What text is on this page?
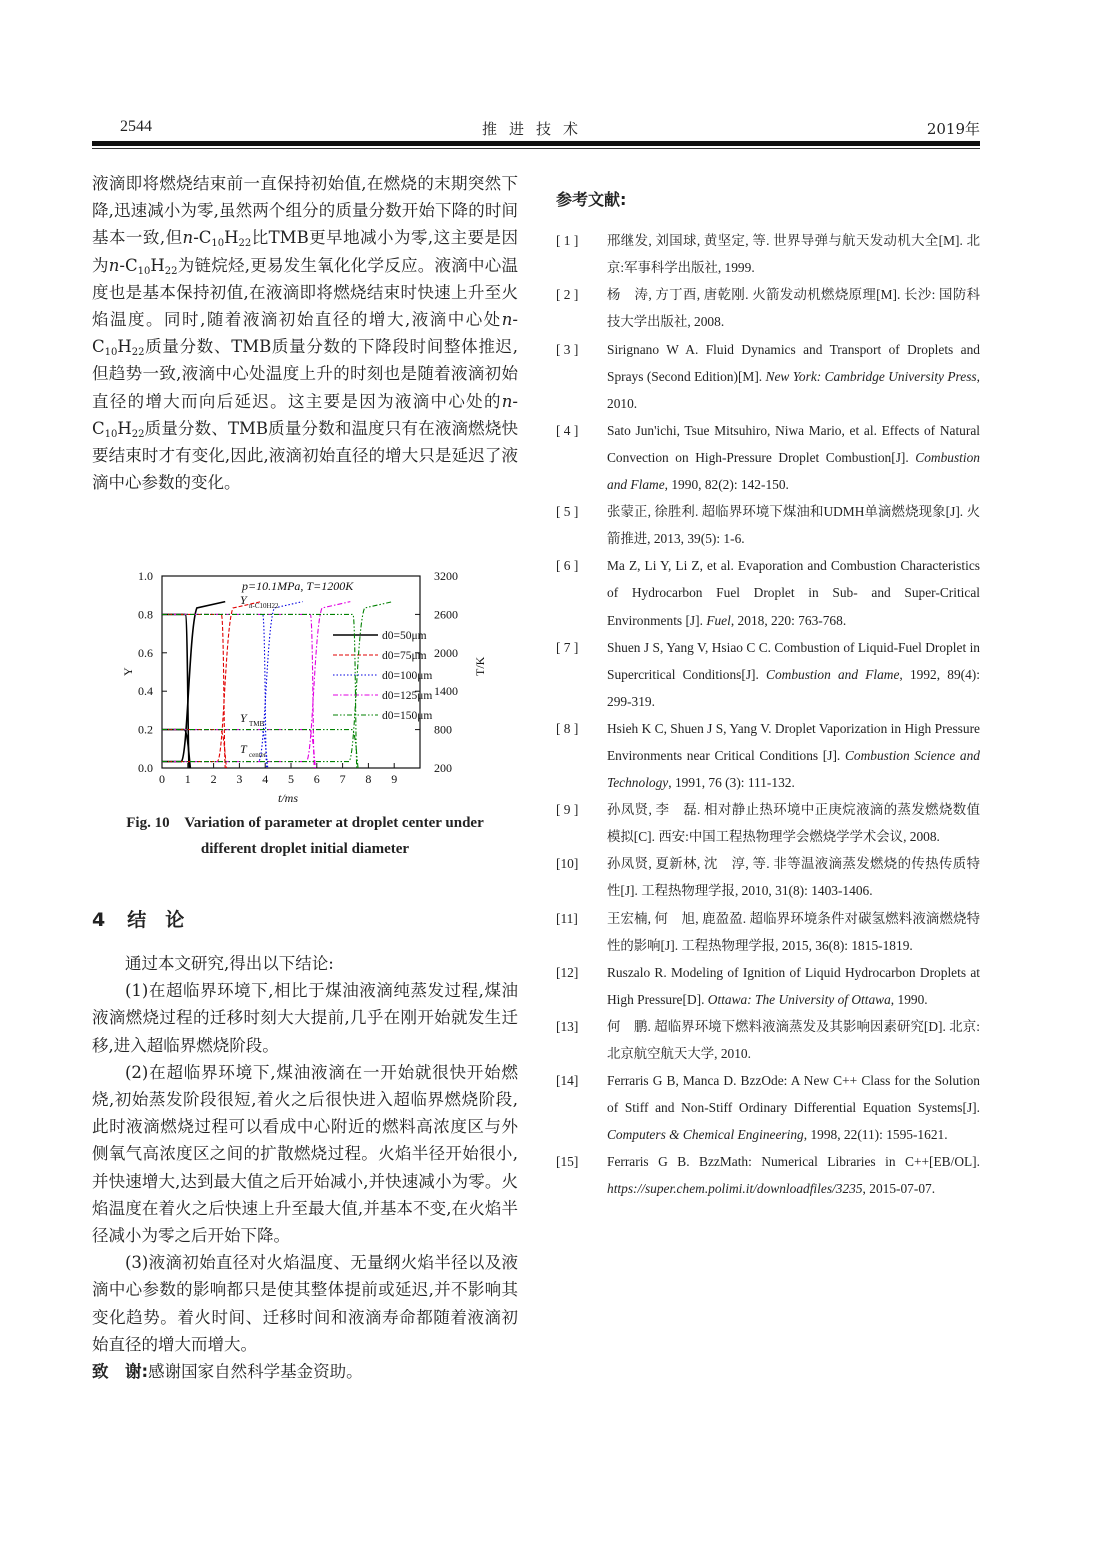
2544	推进技术	2019年

液滴即将燃烧结束前一直保持初始值,在燃烧的末期突然下降,迅速减小为零,虽然两个组分的质量分数开始下降的时间基本一致,但$n-C_{10}H_{22}$比TMB更早地减小为零,这主要是因为$n-C_{10}H_{22}$为链烷烃,更易发生氧化化学反应。液滴中心温度也是基本保持初值,在液滴即将燃烧结束时快速上升至火焰温度。同时,随着液滴初始直径的增大,液滴中心处$n-C_{10}H_{22}$质量分数、TMB质量分数的下降段时间整体推迟,但趋势一致,液滴中心处温度上升的时刻也是随着液滴初始直径的增大而向后延迟。这主要是因为液滴中心处的$n-C_{10}H_{22}$质量分数、TMB质量分数和温度只有在液滴燃烧快要结束时才有变化,因此,液滴初始直径的增大只是延迟了液滴中心参数的变化。

0 1 2 3 4 5 6 7 8 9
0.0
0.2
0.4
0.6
0.8
1.0
200
800
1400
2000
2600
3200
t/ms
Y	T/K
p=10.1MPa, T=1200K
d0=50μm
d0=75μm
d0=100μm
d0=125μm
d0=150μm
Y n-C10H22
Y TMB
T center
Fig. 10    Variation of parameter at droplet center under
different droplet initial diameter
4 结　论

通过本文研究,得出以下结论:

(1)在超临界环境下,相比于煤油液滴纯蒸发过程,煤油液滴燃烧过程的迁移时刻大大提前,几乎在刚开始就发生迁移,进入超临界燃烧阶段。

(2)在超临界环境下,煤油液滴在一开始就很快开始燃烧,初始蒸发阶段很短,着火之后很快进入超临界燃烧阶段,此时液滴燃烧过程可以看成中心附近的燃料高浓度区与外侧氧气高浓度区之间的扩散燃烧过程。火焰半径开始很小,并快速增大,达到最大值之后开始减小,并快速减小为零。火焰温度在着火之后快速上升至最大值,并基本不变,在火焰半径减小为零之后开始下降。

(3)液滴初始直径对火焰温度、无量纲火焰半径以及液滴中心参数的影响都只是使其整体提前或延迟,并不影响其变化趋势。着火时间、迁移时间和液滴寿命都随着液滴初始直径的增大而增大。

致　谢:感谢国家自然科学基金资助。

参考文献:
[ 1 ] 邢继发, 刘国球, 黄坚定, 等. 世界导弹与航天发动机大全[M]. 北京:军事科学出版社, 1999.
[ 2 ] 杨　涛, 方丁酉, 唐乾刚. 火箭发动机燃烧原理[M]. 长沙: 国防科技大学出版社, 2008.
[ 3 ] Sirignano W A. Fluid Dynamics and Transport of Droplets and Sprays (Second Edition)[M]. New York: Cambridge University Press, 2010.
[ 4 ] Sato Jun'ichi, Tsue Mitsuhiro, Niwa Mario, et al. Effects of Natural Convection on High-Pressure Droplet Combustion[J]. Combustion and Flame, 1990, 82(2): 142-150.
[ 5 ] 张蒙正, 徐胜利. 超临界环境下煤油和UDMH单滴燃烧现象[J]. 火箭推进, 2013, 39(5): 1-6.
[ 6 ] Ma Z, Li Y, Li Z, et al. Evaporation and Combustion Characteristics of Hydrocarbon Fuel Droplet in Sub- and Super-Critical Environments [J]. Fuel, 2018, 220: 763-768.
[ 7 ] Shuen J S, Yang V, Hsiao C C. Combustion of Liquid-Fuel Droplet in Supercritical Conditions[J]. Combustion and Flame, 1992, 89(4): 299-319.
[ 8 ] Hsieh K C, Shuen J S, Yang V. Droplet Vaporization in High Pressure Environments near Critical Conditions [J]. Combustion Science and Technology, 1991, 76 (3): 111-132.
[ 9 ] 孙凤贤, 李　磊. 相对静止热环境中正庚烷液滴的蒸发燃烧数值模拟[C]. 西安:中国工程热物理学会燃烧学学术会议, 2008.
[10] 孙凤贤, 夏新林, 沈　淳, 等. 非等温液滴蒸发燃烧的传热传质特性[J]. 工程热物理学报, 2010, 31(8): 1403-1406.
[11] 王宏楠, 何　旭, 鹿盈盈. 超临界环境条件对碳氢燃料液滴燃烧特性的影响[J]. 工程热物理学报, 2015, 36(8): 1815-1819.
[12] Ruszalo R. Modeling of Ignition of Liquid Hydrocarbon Droplets at High Pressure[D]. Ottawa: The University of Ottawa, 1990.
[13] 何　鹏. 超临界环境下燃料液滴蒸发及其影响因素研究[D]. 北京:北京航空航天大学, 2010.
[14] Ferraris G B, Manca D. BzzOde: A New C++ Class for the Solution of Stiff and Non-Stiff Ordinary Differential Equation Systems[J]. Computers & Chemical Engineering, 1998, 22(11): 1595-1621.
[15] Ferraris G B. BzzMath: Numerical Libraries in C++[EB/OL]. https://super.chem.polimi.it/downloadfiles/3235, 2015-07-07.
